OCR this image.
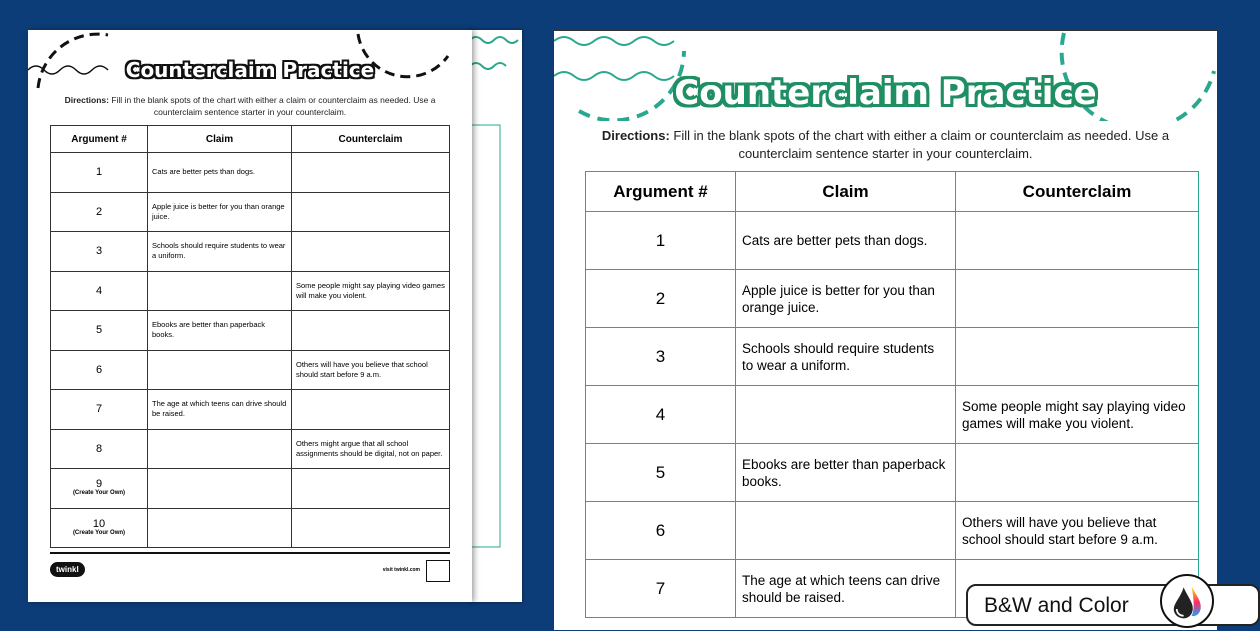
Counterclaim Practice
Directions: Fill in the blank spots of the chart with either a claim or counterclaim as needed. Use a counterclaim sentence starter in your counterclaim.
Argument #	Claim	Counterclaim
1	Cats are better pets than dogs.	
2	Apple juice is better for you than orange juice.	
3	Schools should require students to wear a uniform.	
4		Some people might say playing video games will make you violent.
5	Ebooks are better than paperback books.	
6		Others will have you believe that school should start before 9 a.m.
7	The age at which teens can drive should be raised.	
8		Others might argue that all school assignments should be digital, not on paper.
9
(Create Your Own)		

10
(Create Your Own)		

twinkl	visit twinkl.com
Counterclaim Practice
Directions: Fill in the blank spots of the chart with either a claim or counterclaim as needed. Use a counterclaim sentence starter in your counterclaim.
Argument #	Claim	Counterclaim
1	Cats are better pets than dogs.	
2	Apple juice is better for you than orange juice.	
3	Schools should require students to wear a uniform.	
4		Some people might say playing video games will make you violent.
5	Ebooks are better than paperback books.	
6		Others will have you believe that school should start before 9 a.m.
7	The age at which teens can drive should be raised.		B&W and Color
